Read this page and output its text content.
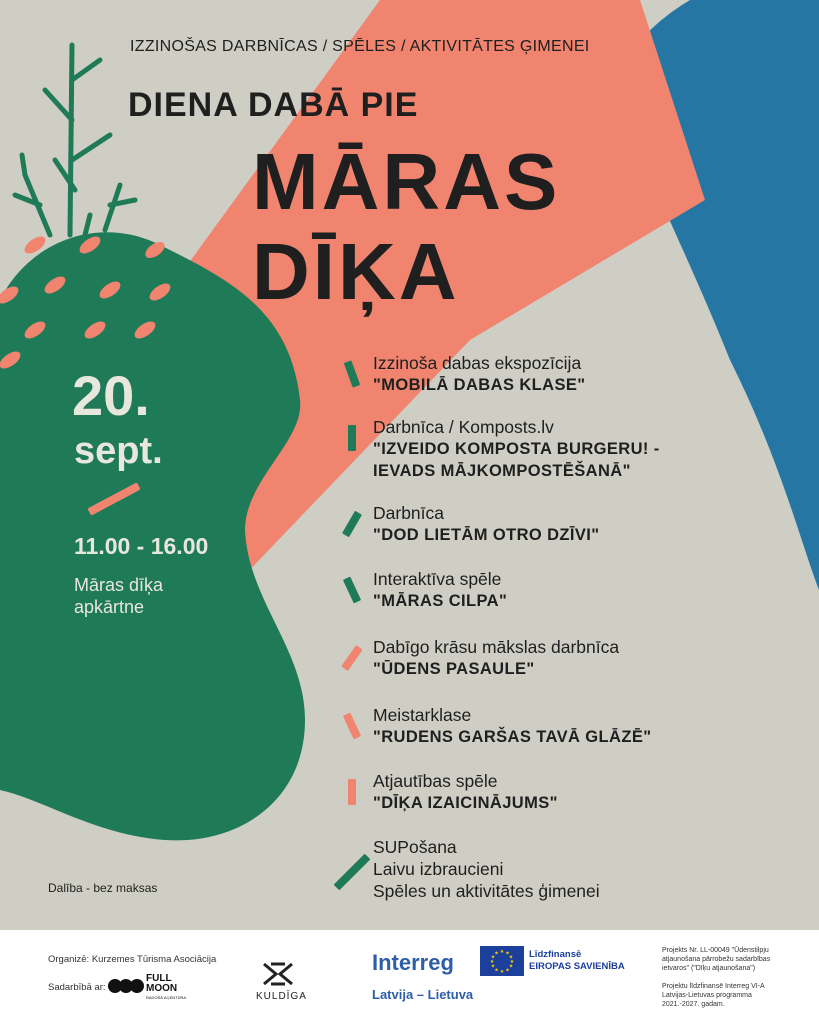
IZZINOŠAS DARBNĪCAS / SPĒLES / AKTIVITĀTES ĢIMENEI
DIENA DABĀ PIE
MĀRAS
DĪĶA
20.
sept.
11.00 - 16.00
Māras dīķa apkārtne
Dalība - bez maksas
Izzinoša dabas ekspozīcija
"MOBILĀ DABAS KLASE"
Darbnīca / Komposts.lv
"IZVEIDO KOMPOSTA BURGERU! -
IEVADS MĀJKOMPOSTĒŠANĀ"
Darbnīca
"DOD LIETĀM OTRO DZĪVI"
Interaktīva spēle
"MĀRAS CILPA"
Dabīgo krāsu mākslas darbnīca
"ŪDENS PASAULE"
Meistarklase
"RUDENS GARŠAS TAVĀ GLĀZĒ"
Atjautības spēle
"DĪĶA IZAICINĀJUMS"
SUPošana
Laivu izbraucieni
Spēles un aktivitātes ģimenei
Organizē: Kurzemes Tūrisma Asociācija
Sadarbībā ar:
FULL
MOON
RADOŠĀ AĢENTŪRA	KULDĪGA
Interreg
Latvija – Lietuva
★ ★
★
★
★
★
★
★
★
★
★
★	Līdzfinansē
EIROPAS SAVIENĪBA
Projekts Nr. LL-00049 "Ūdenstilpju
atjaunošana pārrobežu sadarbības
ietvaros" ("Dīķu atjaunošana")
Projektu līdzfinansē Interreg VI-A
Latvijas-Lietuvas programma
2021.-2027. gadam.
